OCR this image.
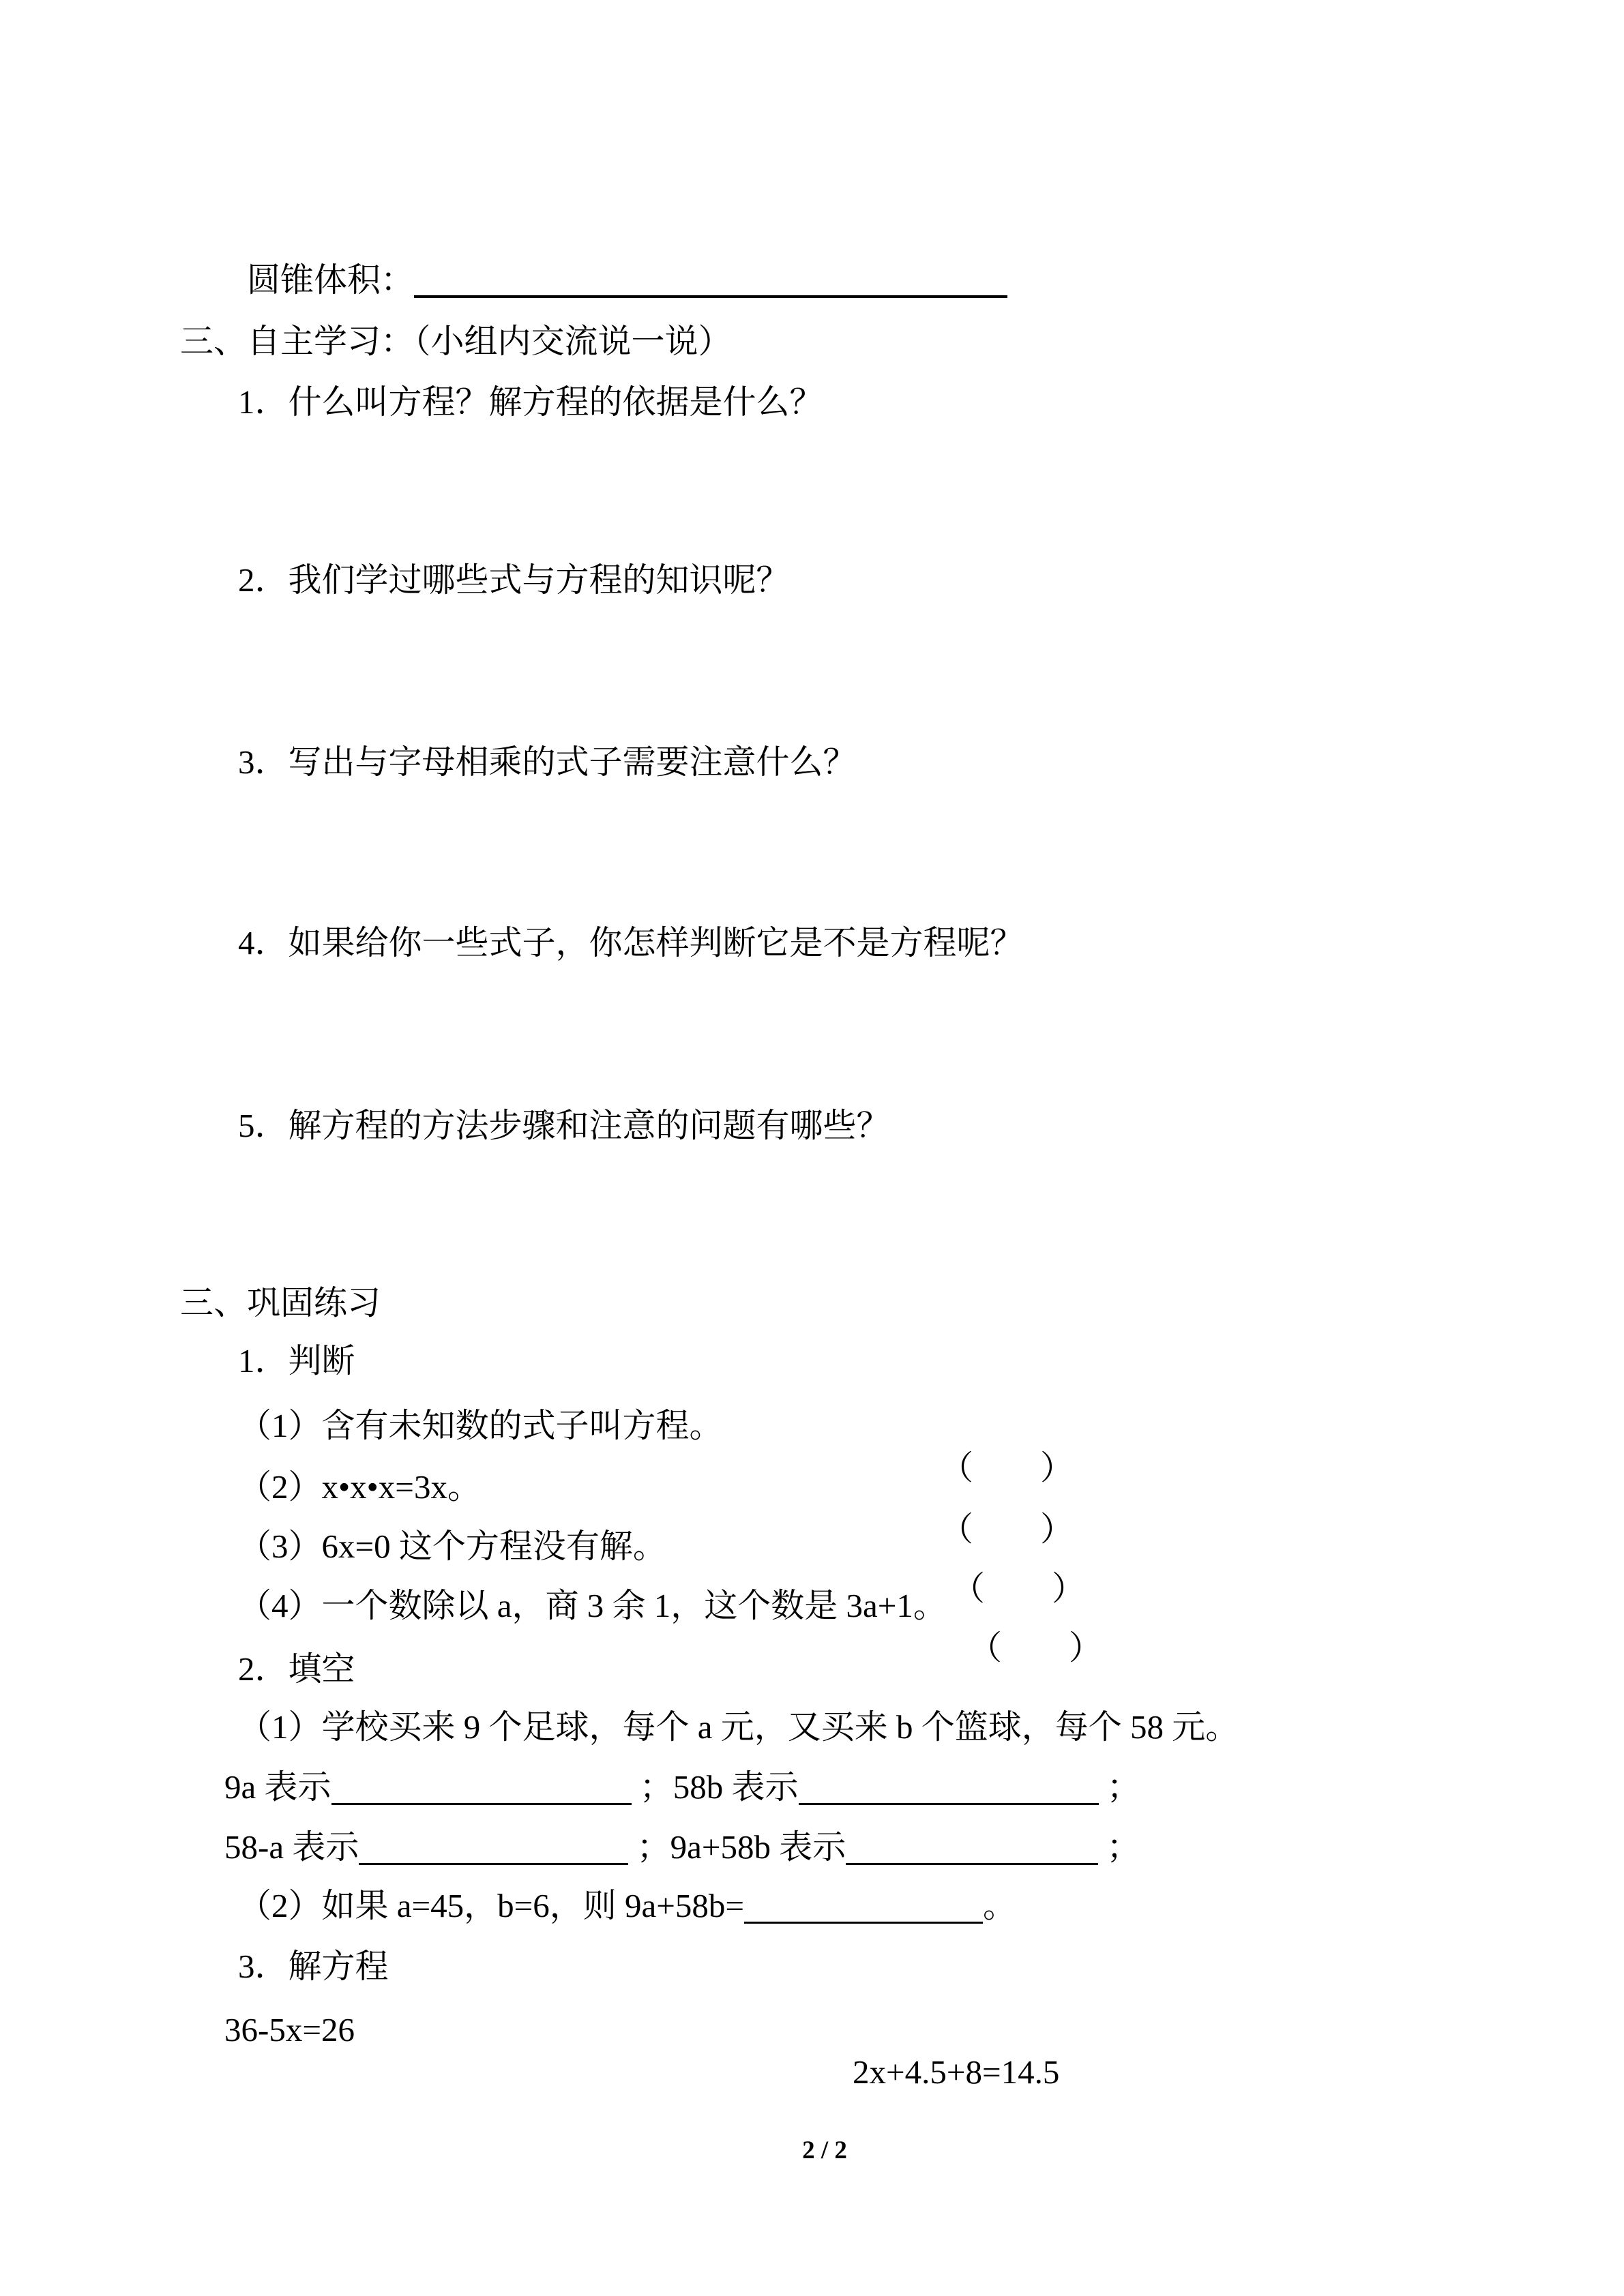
圆锥体积：

三、自主学习：（小组内交流说一说）

1．什么叫方程？解方程的依据是什么？

2．我们学过哪些式与方程的知识呢？

3．写出与字母相乘的式子需要注意什么？

4．如果给你一些式子，你怎样判断它是不是方程呢？

5．解方程的方法步骤和注意的问题有哪些？

三、巩固练习

1．判断

（1）含有未知数的式子叫方程。

（　　）

（2）x•x•x=3x。

（　　）

（3）6x=0 这个方程没有解。

（　　）

（4）一个数除以 a，商 3 余 1，这个数是 3a+1。

（　　）

2．填空

（1）学校买来 9 个足球，每个 a 元，又买来 b 个篮球，每个 58 元。

9a 表示	；58b 表示	；

58-a 表示	；9a+58b 表示	；

（2）如果 a=45，b=6，则 9a+58b=	。

3．解方程

36-5x=26

2x+4.5+8=14.5

2 / 2
